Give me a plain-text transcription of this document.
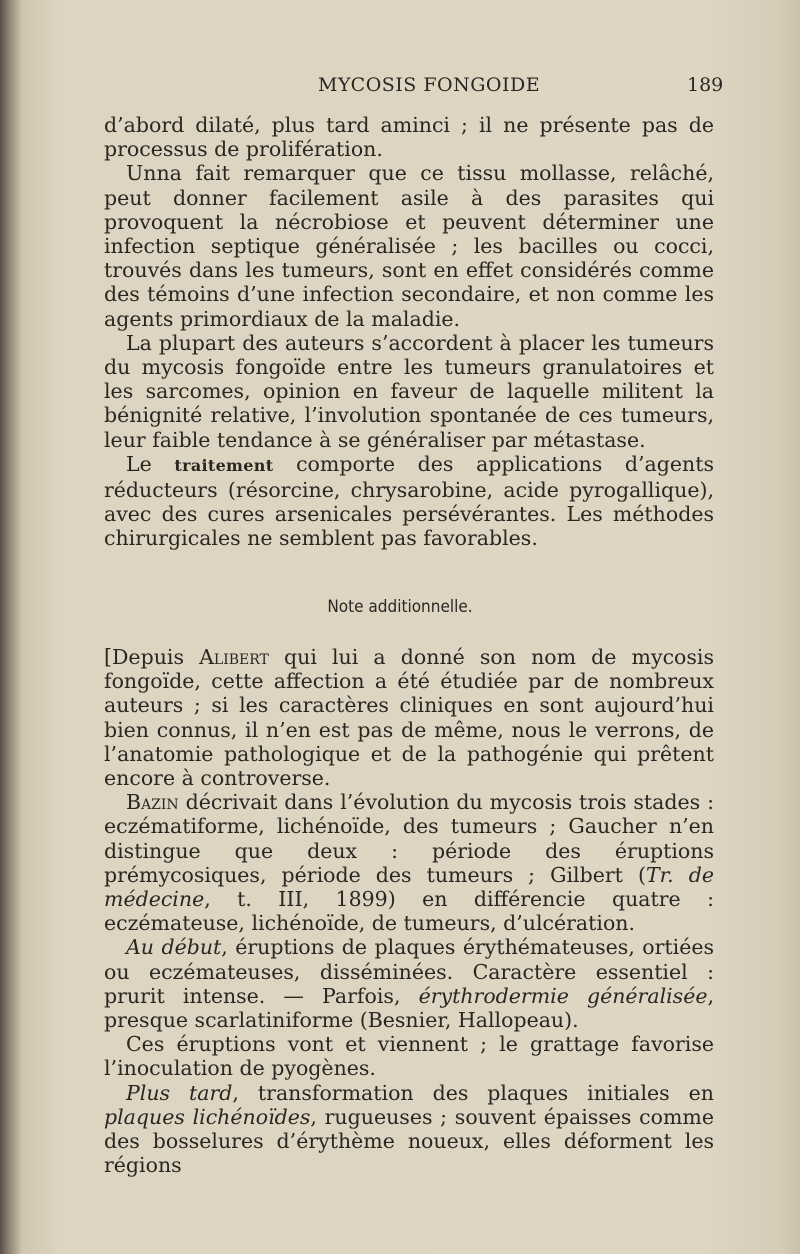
MYCOSIS FONGOIDE	189

d’abord dilaté, plus tard aminci ; il ne présente pas de processus de prolifération.

Unna fait remarquer que ce tissu mollasse, relâché, peut donner facilement asile à des parasites qui provoquent la nécrobiose et peuvent déterminer une infection septique généralisée ; les bacilles ou cocci, trouvés dans les tumeurs, sont en effet considérés comme des témoins d’une infection secondaire, et non comme les agents primordiaux de la maladie.

La plupart des auteurs s’accordent à placer les tumeurs du mycosis fongoïde entre les tumeurs granulatoires et les sarcomes, opinion en faveur de laquelle militent la bénignité relative, l’involution spontanée de ces tumeurs, leur faible tendance à se généraliser par métastase.

Le traitement comporte des applications d’agents réducteurs (résorcine, chrysarobine, acide pyrogallique), avec des cures arsenicales persévérantes. Les méthodes chirurgicales ne semblent pas favorables.

Note additionnelle.

[Depuis Alibert qui lui a donné son nom de mycosis fongoïde, cette affection a été étudiée par de nombreux auteurs ; si les caractères cliniques en sont aujourd’hui bien connus, il n’en est pas de même, nous le verrons, de l’anatomie pathologique et de la pathogénie qui prêtent encore à controverse.

Bazin décrivait dans l’évolution du mycosis trois stades : eczématiforme, lichénoïde, des tumeurs ; Gaucher n’en distingue que deux : période des éruptions prémycosiques, période des tumeurs ; Gilbert (Tr. de médecine, t. III, 1899) en différencie quatre : eczémateuse, lichénoïde, de tumeurs, d’ulcération.

Au début, éruptions de plaques érythémateuses, ortiées ou eczémateuses, disséminées. Caractère essentiel : prurit intense. — Parfois, érythrodermie généralisée, presque scarlatiniforme (Besnier, Hallopeau).

Ces éruptions vont et viennent ; le grattage favorise l’inoculation de pyogènes.

Plus tard, transformation des plaques initiales en plaques lichénoïdes, rugueuses ; souvent épaisses comme des bosselures d’érythème noueux, elles déforment les régions
